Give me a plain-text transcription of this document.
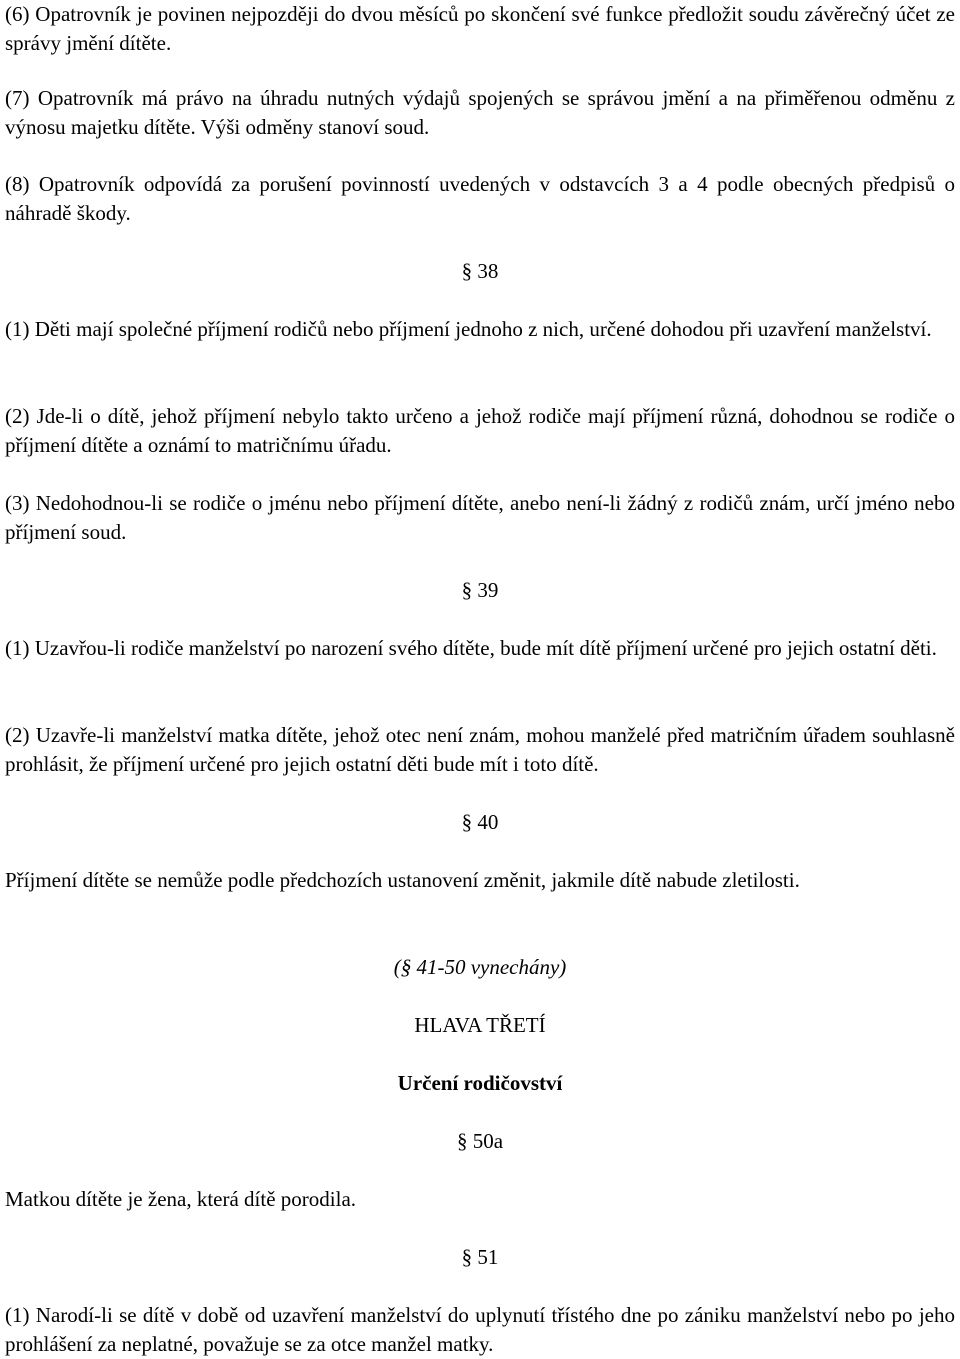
(6) Opatrovník je povinen nejpozději do dvou měsíců po skončení své funkce předložit soudu závěrečný účet ze správy jmění dítěte.

(7) Opatrovník má právo na úhradu nutných výdajů spojených se správou jmění a na přiměřenou odměnu z výnosu majetku dítěte. Výši odměny stanoví soud.

(8) Opatrovník odpovídá za porušení povinností uvedených v odstavcích 3 a 4 podle obecných předpisů o náhradě škody.

§ 38

(1) Děti mají společné příjmení rodičů nebo příjmení jednoho z nich, určené dohodou při uzavření manželství.

(2) Jde-li o dítě, jehož příjmení nebylo takto určeno a jehož rodiče mají příjmení různá, dohodnou se rodiče o příjmení dítěte a oznámí to matričnímu úřadu.

(3) Nedohodnou-li se rodiče o jménu nebo příjmení dítěte, anebo není-li žádný z rodičů znám, určí jméno nebo příjmení soud.

§ 39

(1) Uzavřou-li rodiče manželství po narození svého dítěte, bude mít dítě příjmení určené pro jejich ostatní děti.

(2) Uzavře-li manželství matka dítěte, jehož otec není znám, mohou manželé před matričním úřadem souhlasně prohlásit, že příjmení určené pro jejich ostatní děti bude mít i toto dítě.

§ 40

Příjmení dítěte se nemůže podle předchozích ustanovení změnit, jakmile dítě nabude zletilosti.

(§ 41-50 vynechány)
HLAVA TŘETÍ
Určení rodičovství
§ 50a

Matkou dítěte je žena, která dítě porodila.

§ 51

(1) Narodí-li se dítě v době od uzavření manželství do uplynutí třístého dne po zániku manželství nebo po jeho prohlášení za neplatné, považuje se za otce manžel matky.
